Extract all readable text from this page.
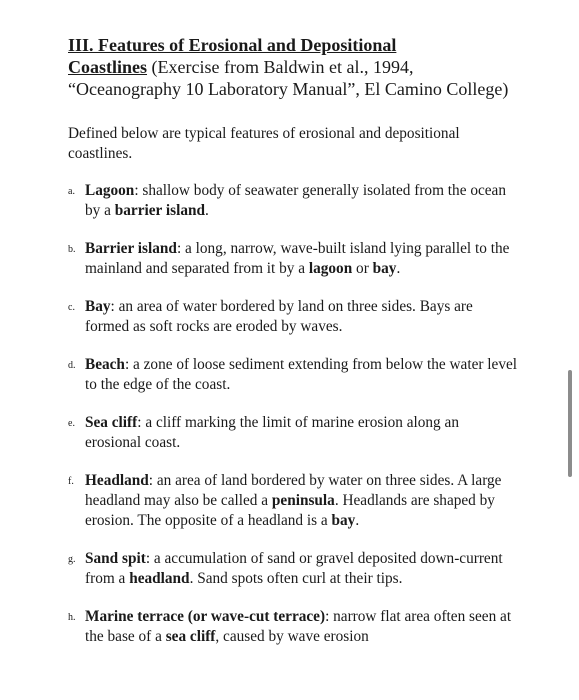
III. Features of Erosional and Depositional
Coastlines (Exercise from Baldwin et al., 1994, “Oceanography 10 Laboratory Manual”, El Camino College)

Defined below are typical features of erosional and depositional coastlines.

a. Lagoon: shallow body of seawater generally isolated from the ocean by a barrier island.
b. Barrier island: a long, narrow, wave-built island lying parallel to the mainland and separated from it by a lagoon or bay.
c. Bay: an area of water bordered by land on three sides. Bays are formed as soft rocks are eroded by waves.
d. Beach: a zone of loose sediment extending from below the water level to the edge of the coast.
e. Sea cliff: a cliff marking the limit of marine erosion along an erosional coast.
f. Headland: an area of land bordered by water on three sides. A large headland may also be called a peninsula. Headlands are shaped by erosion. The opposite of a headland is a bay.
g. Sand spit: a accumulation of sand or gravel deposited down-current from a headland. Sand spots often curl at their tips.
h. Marine terrace (or wave-cut terrace): narrow flat area often seen at the base of a sea cliff, caused by wave erosion
